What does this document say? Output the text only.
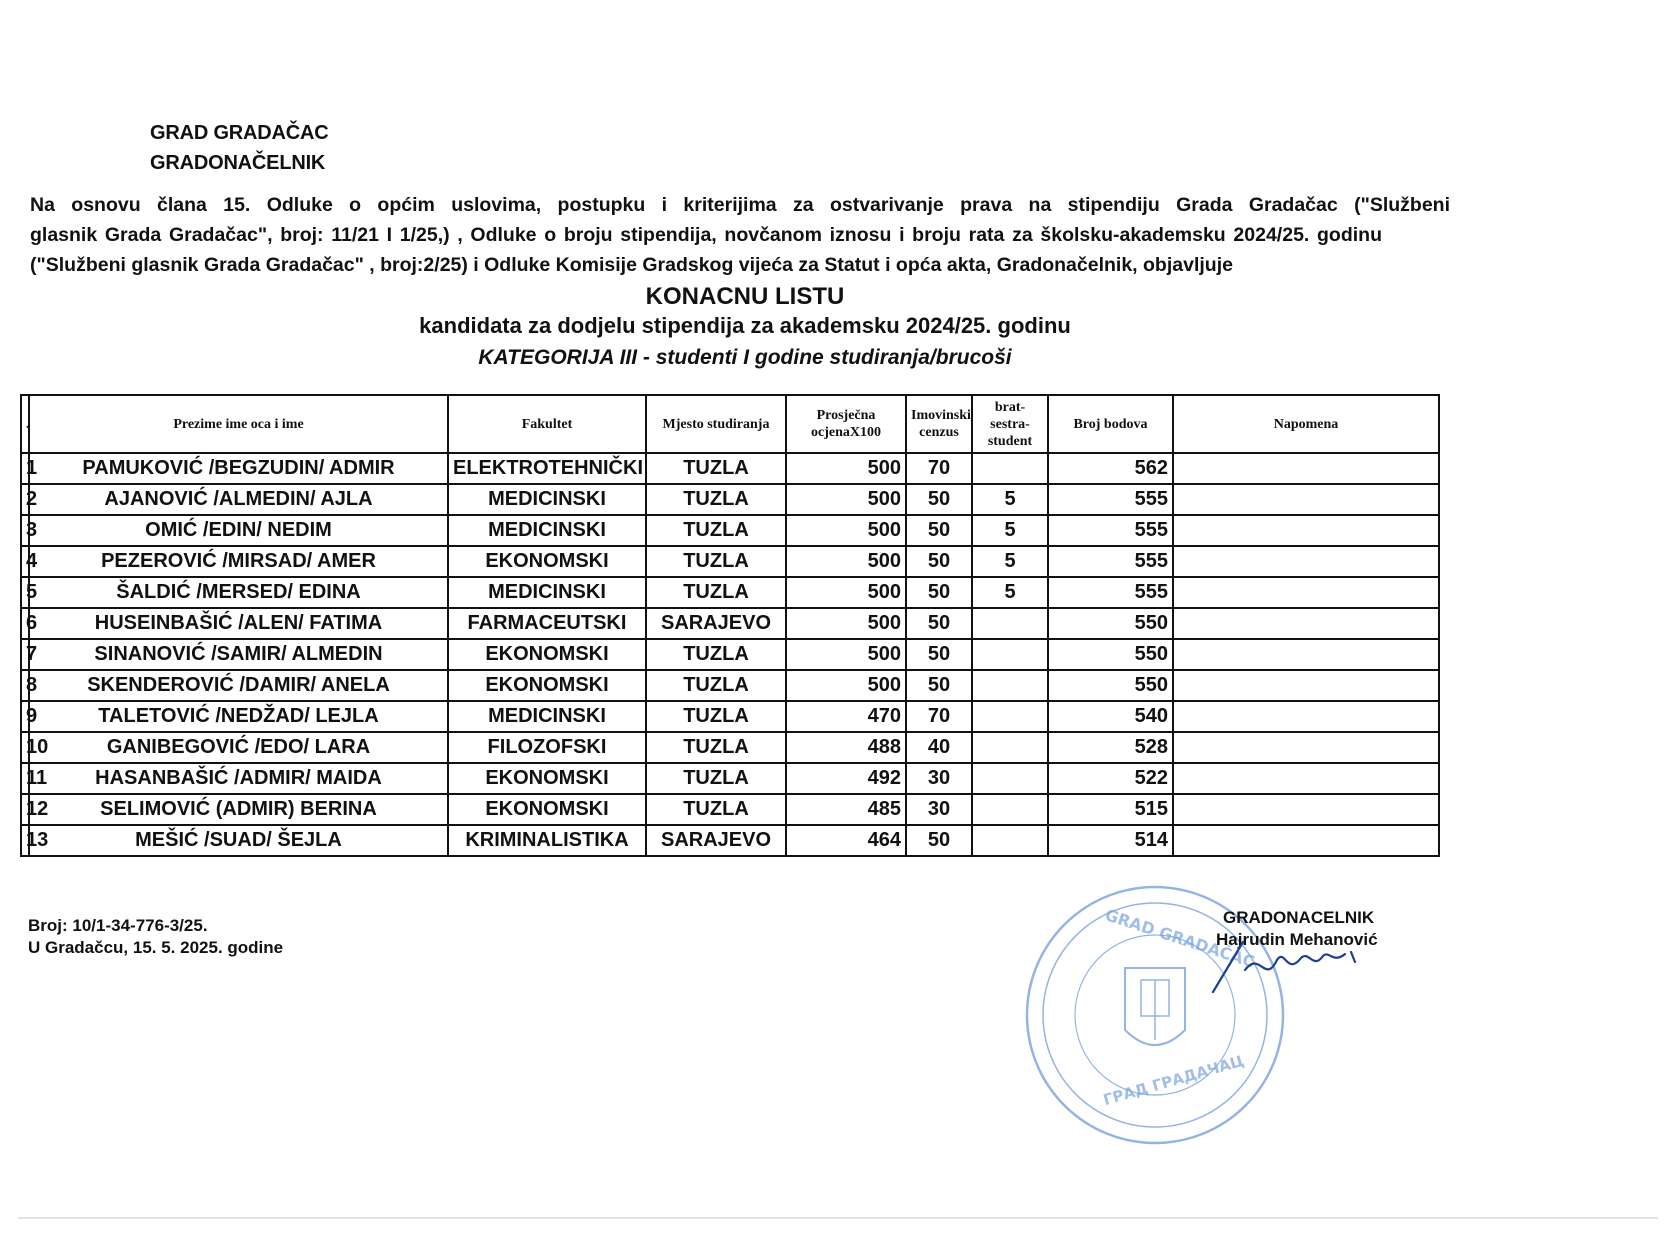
GRAD GRADAČAC
GRADONAČELNIK

Na osnovu člana 15. Odluke o općim uslovima, postupku i kriterijima za ostvarivanje prava na stipendiju Grada Gradačac ("Službeni

glasnik Grada Gradačac", broj: 11/21 I 1/25,) , Odluke o broju stipendija, novčanom iznosu i broju rata za školsku-akademsku 2024/25. godinu

("Službeni glasnik Grada Gradačac" , broj:2/25) i Odluke Komisije Gradskog vijeća za Statut i opća akta, Gradonačelnik, objavljuje

KONACNU LISTU
kandidata za dodjelu stipendija za akademsku 2024/25. godinu
KATEGORIJA III - studenti I godine studiranja/brucoši
.	Prezime ime oca i ime	Fakultet	Mjesto studiranja	Prosječna ocjenaX100	Imovinski cenzus	brat-sestra-student	Broj bodova	Napomena
1	PAMUKOVIĆ /BEGZUDIN/ ADMIR	ELEKTROTEHNIČKI	TUZLA	500	70		562	
2	AJANOVIĆ /ALMEDIN/ AJLA	MEDICINSKI	TUZLA	500	50	5	555	
3	OMIĆ /EDIN/ NEDIM	MEDICINSKI	TUZLA	500	50	5	555	
4	PEZEROVIĆ /MIRSAD/ AMER	EKONOMSKI	TUZLA	500	50	5	555	
5	ŠALDIĆ /MERSED/ EDINA	MEDICINSKI	TUZLA	500	50	5	555	
6	HUSEINBAŠIĆ /ALEN/ FATIMA	FARMACEUTSKI	SARAJEVO	500	50		550	
7	SINANOVIĆ /SAMIR/ ALMEDIN	EKONOMSKI	TUZLA	500	50		550	
8	SKENDEROVIĆ /DAMIR/ ANELA	EKONOMSKI	TUZLA	500	50		550	
9	TALETOVIĆ /NEDŽAD/ LEJLA	MEDICINSKI	TUZLA	470	70		540	
10	GANIBEGOVIĆ /EDO/ LARA	FILOZOFSKI	TUZLA	488	40		528	
11	HASANBAŠIĆ /ADMIR/ MAIDA	EKONOMSKI	TUZLA	492	30		522	
12	SELIMOVIĆ (ADMIR) BERINA	EKONOMSKI	TUZLA	485	30		515	
13	MEŠIĆ /SUAD/ ŠEJLA	KRIMINALISTIKA	SARAJEVO	464	50		514	
Broj: 10/1-34-776-3/25.
U Gradačcu, 15. 5. 2025. godine	GRAD GRADAČAC
ГРАД ГРАДАЧАЦ
GRADONACELNIK
Hajrudin Mehanović
